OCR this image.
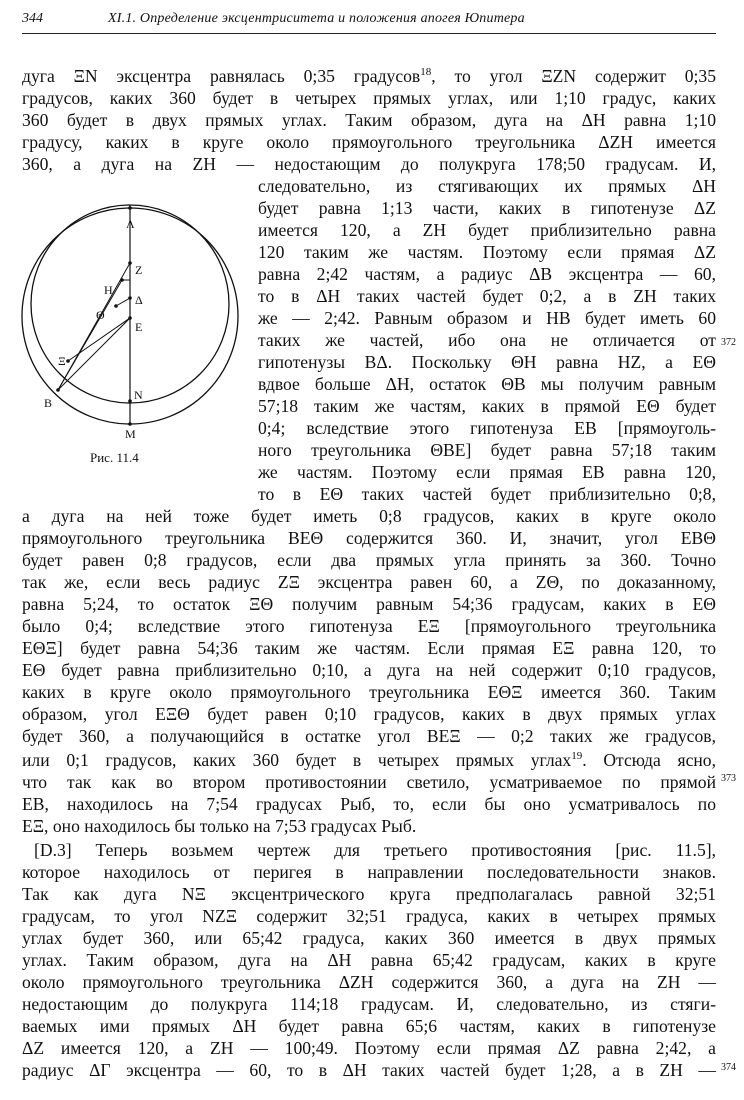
344	XI.1. Определение эксцентриситета и положения апогея Юпитера
Λ
Z
H
Δ
Θ
E
Ξ
B
N
M
Рис. 11.4
дуга ΞN эксцентра равнялась 0;35 градусов$^{18}$, то угол ΞZN содержит 0;35
градусов, каких 360 будет в четырех прямых углах, или 1;10 градус, каких
360 будет в двух прямых углах. Таким образом, дуга на ΔH равна 1;10
градусу, каких в круге около прямоугольного треугольника ΔZH имеется
360, а дуга на ZH — недостающим до полукруга 178;50 градусам. И,
следовательно, из стягивающих их прямых ΔH
будет равна 1;13 части, каких в гипотенузе ΔZ
имеется 120, а ZH будет приблизительно равна
120 таким же частям. Поэтому если прямая ΔZ
равна 2;42 частям, а радиус ΔB эксцентра — 60,
то в ΔH таких частей будет 0;2, а в ZH таких
же — 2;42. Равным образом и HB будет иметь 60
таких же частей, ибо она не отличается от
гипотенузы BΔ. Поскольку ΘH равна HZ, а EΘ
вдвое больше ΔH, остаток ΘB мы получим равным
57;18 таким же частям, каких в прямой EΘ будет
0;4; вследствие этого гипотенуза EB [прямоуголь-
ного треугольника ΘBE] будет равна 57;18 таким
же частям. Поэтому если прямая EB равна 120,
то в EΘ таких частей будет приблизительно 0;8,
а дуга на ней тоже будет иметь 0;8 градусов, каких в круге около
прямоугольного треугольника BEΘ содержится 360. И, значит, угол EBΘ
будет равен 0;8 градусов, если два прямых угла принять за 360. Точно
так же, если весь радиус ZΞ эксцентра равен 60, а ZΘ, по доказанному,
равна 5;24, то остаток ΞΘ получим равным 54;36 градусам, каких в EΘ
было 0;4; вследствие этого гипотенуза EΞ [прямоугольного треугольника
EΘΞ] будет равна 54;36 таким же частям. Если прямая EΞ равна 120, то
EΘ будет равна приблизительно 0;10, а дуга на ней содержит 0;10 градусов,
каких в круге около прямоугольного треугольника EΘΞ имеется 360. Таким
образом, угол EΞΘ будет равен 0;10 градусов, каких в двух прямых углах
будет 360, а получающийся в остатке угол BEΞ — 0;2 таких же градусов,
или 0;1 градусов, каких 360 будет в четырех прямых углах$^{19}$. Отсюда ясно,
что так как во втором противостоянии светило, усматриваемое по прямой
EB, находилось на 7;54 градусах Рыб, то, если бы оно усматривалось по
EΞ, оно находилось бы только на 7;53 градусах Рыб.
[D.3] Теперь возьмем чертеж для третьего противостояния [рис. 11.5],
которое находилось от перигея в направлении последовательности знаков.
Так как дуга NΞ эксцентрического круга предполагалась равной 32;51
градусам, то угол NZΞ содержит 32;51 градуса, каких в четырех прямых
углах будет 360, или 65;42 градуса, каких 360 имеется в двух прямых
углах. Таким образом, дуга на ΔH равна 65;42 градусам, каких в круге
около прямоугольного треугольника ΔZH содержится 360, а дуга на ZH —
недостающим до полукруга 114;18 градусам. И, следовательно, из стяги-
ваемых ими прямых ΔH будет равна 65;6 частям, каких в гипотенузе
ΔZ имеется 120, а ZH — 100;49. Поэтому если прямая ΔZ равна 2;42, а
радиус ΔΓ эксцентра — 60, то в ΔH таких частей будет 1;28, а в ZH —
372
373
374
